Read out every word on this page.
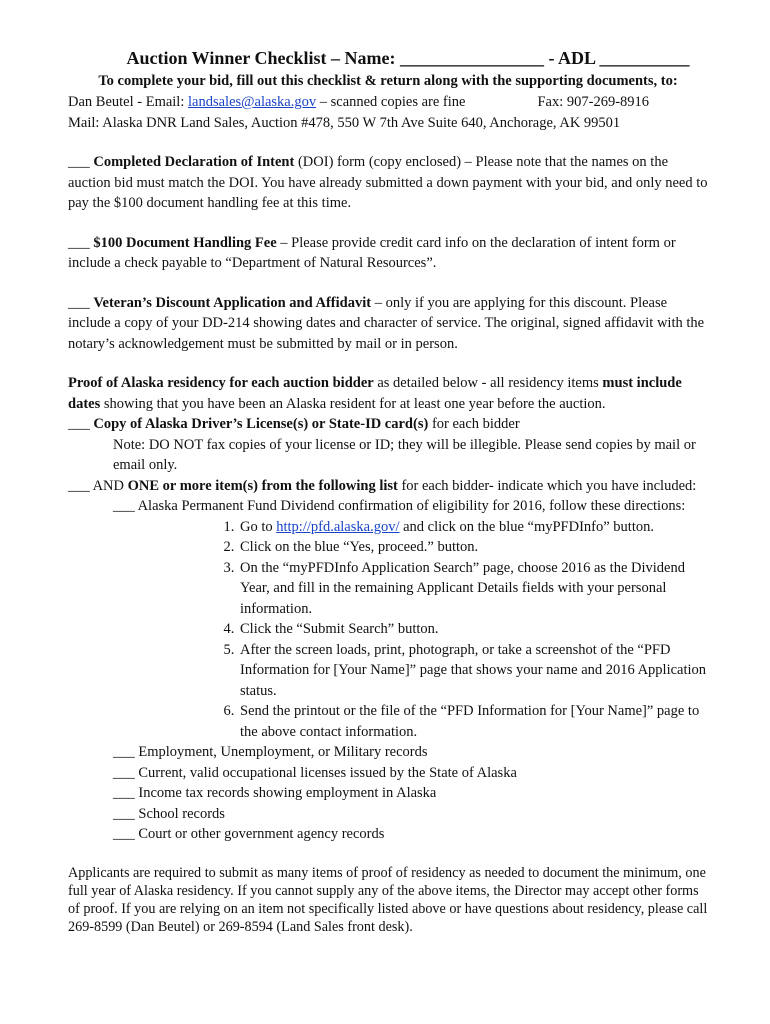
Auction Winner Checklist – Name: ________________ - ADL __________

To complete your bid, fill out this checklist & return along with the supporting documents, to:

Dan Beutel - Email: landsales@alaska.gov – scanned copies are fine	Fax: 907-269-8916

Mail: Alaska DNR Land Sales, Auction #478, 550 W 7th Ave Suite 640, Anchorage, AK 99501

___ Completed Declaration of Intent (DOI) form (copy enclosed) – Please note that the names on the auction bid must match the DOI. You have already submitted a down payment with your bid, and only need to pay the $100 document handling fee at this time.

___ $100 Document Handling Fee – Please provide credit card info on the declaration of intent form or include a check payable to “Department of Natural Resources”.

___ Veteran’s Discount Application and Affidavit – only if you are applying for this discount. Please include a copy of your DD-214 showing dates and character of service. The original, signed affidavit with the notary’s acknowledgement must be submitted by mail or in person.

Proof of Alaska residency for each auction bidder as detailed below - all residency items must include dates showing that you have been an Alaska resident for at least one year before the auction.

___ Copy of Alaska Driver’s License(s) or State-ID card(s) for each bidder

Note: DO NOT fax copies of your license or ID; they will be illegible. Please send copies by mail or email only.

___ AND ONE or more item(s) from the following list for each bidder- indicate which you have included:

___ Alaska Permanent Fund Dividend confirmation of eligibility for 2016, follow these directions:

1. Go to http://pfd.alaska.gov/ and click on the blue “myPFDInfo” button.
2. Click on the blue “Yes, proceed.” button.
3. On the “myPFDInfo Application Search” page, choose 2016 as the Dividend Year, and fill in the remaining Applicant Details fields with your personal information.
4. Click the “Submit Search” button.
5. After the screen loads, print, photograph, or take a screenshot of the “PFD Information for [Your Name]” page that shows your name and 2016 Application status.
6. Send the printout or the file of the “PFD Information for [Your Name]” page to the above contact information.

___ Employment, Unemployment, or Military records

___ Current, valid occupational licenses issued by the State of Alaska

___ Income tax records showing employment in Alaska

___ School records

___ Court or other government agency records

Applicants are required to submit as many items of proof of residency as needed to document the minimum, one full year of Alaska residency. If you cannot supply any of the above items, the Director may accept other forms of proof. If you are relying on an item not specifically listed above or have questions about residency, please call 269-8599 (Dan Beutel) or 269-8594 (Land Sales front desk).
